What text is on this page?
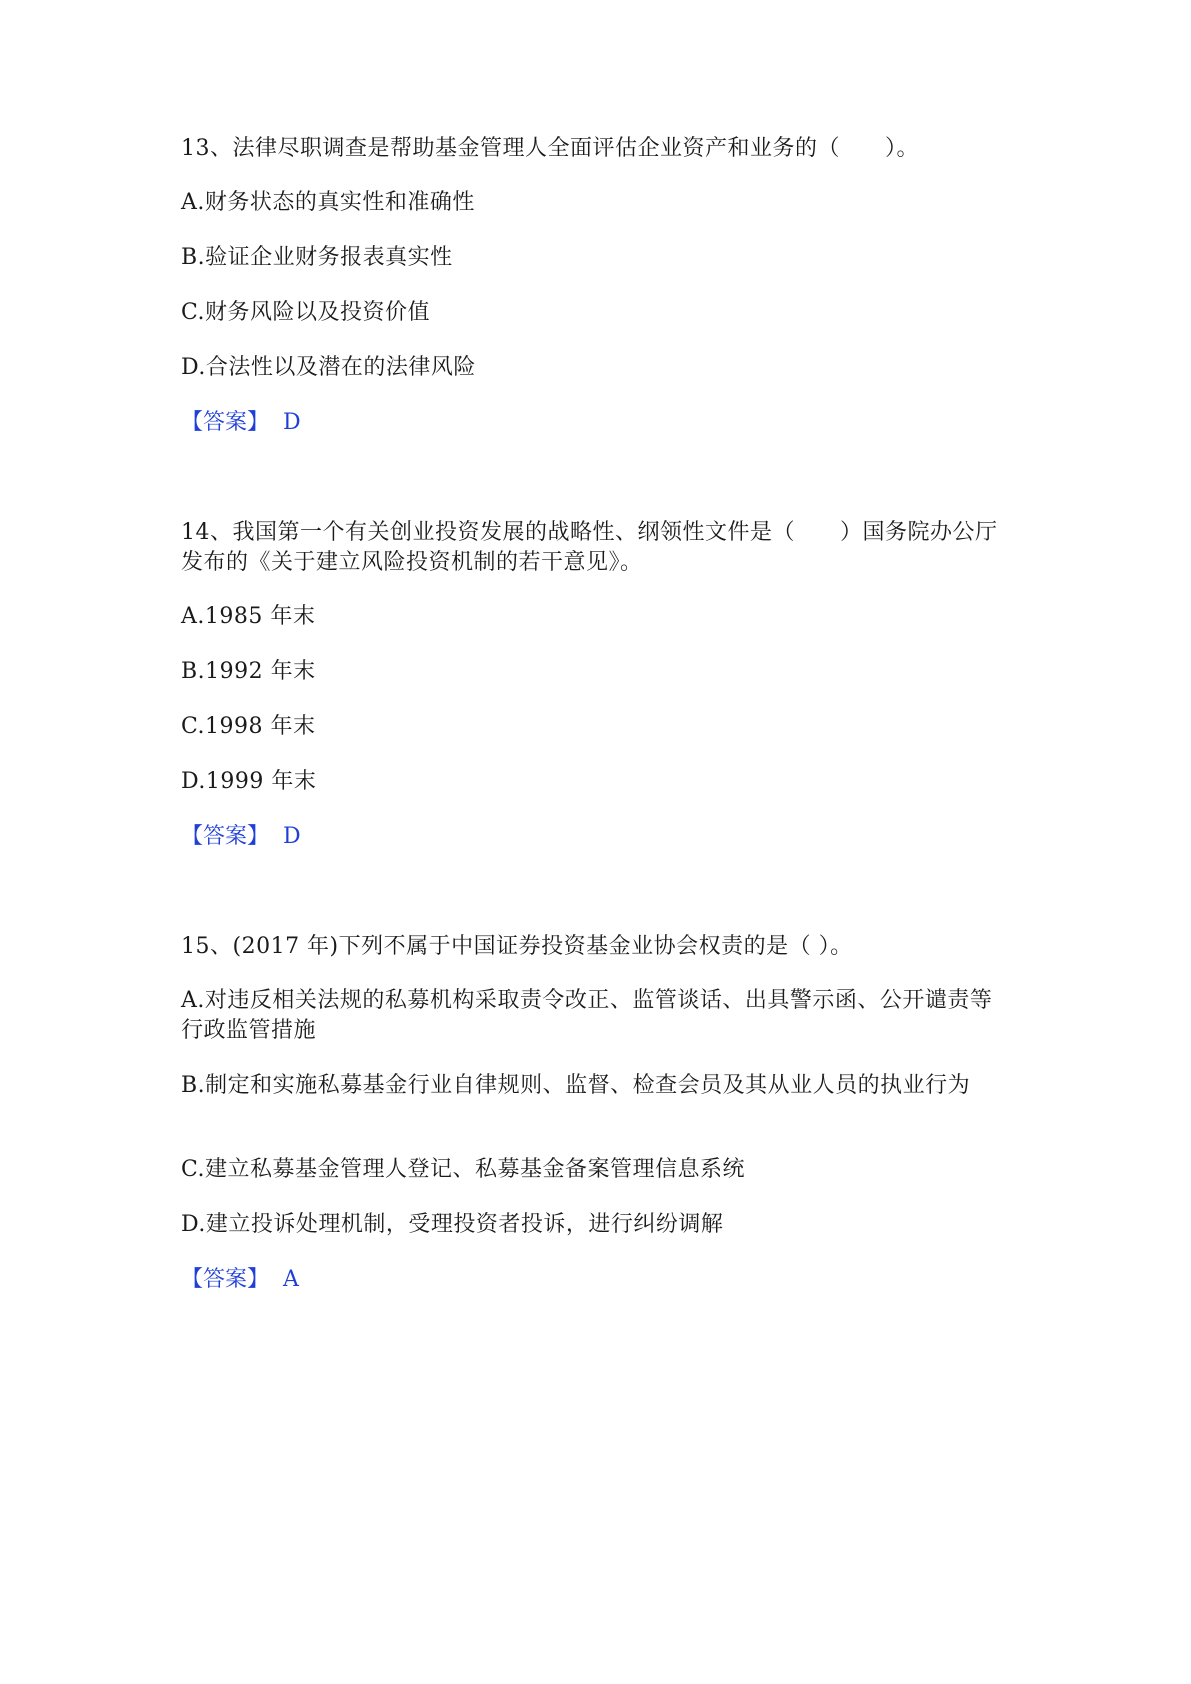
13、法律尽职调查是帮助基金管理人全面评估企业资产和业务的（　　）。
A.财务状态的真实性和准确性
B.验证企业财务报表真实性
C.财务风险以及投资价值
D.合法性以及潜在的法律风险
【答案】 D
14、我国第一个有关创业投资发展的战略性、纲领性文件是（　　）国务院办公厅发布的《关于建立风险投资机制的若干意见》。
A.1985 年末
B.1992 年末
C.1998 年末
D.1999 年末
【答案】 D
15、(2017 年)下列不属于中国证券投资基金业协会权责的是（ ）。
A.对违反相关法规的私募机构采取责令改正、监管谈话、出具警示函、公开谴责等行政监管措施
B.制定和实施私募基金行业自律规则、监督、检查会员及其从业人员的执业行为
C.建立私募基金管理人登记、私募基金备案管理信息系统
D.建立投诉处理机制，受理投资者投诉，进行纠纷调解
【答案】 A
